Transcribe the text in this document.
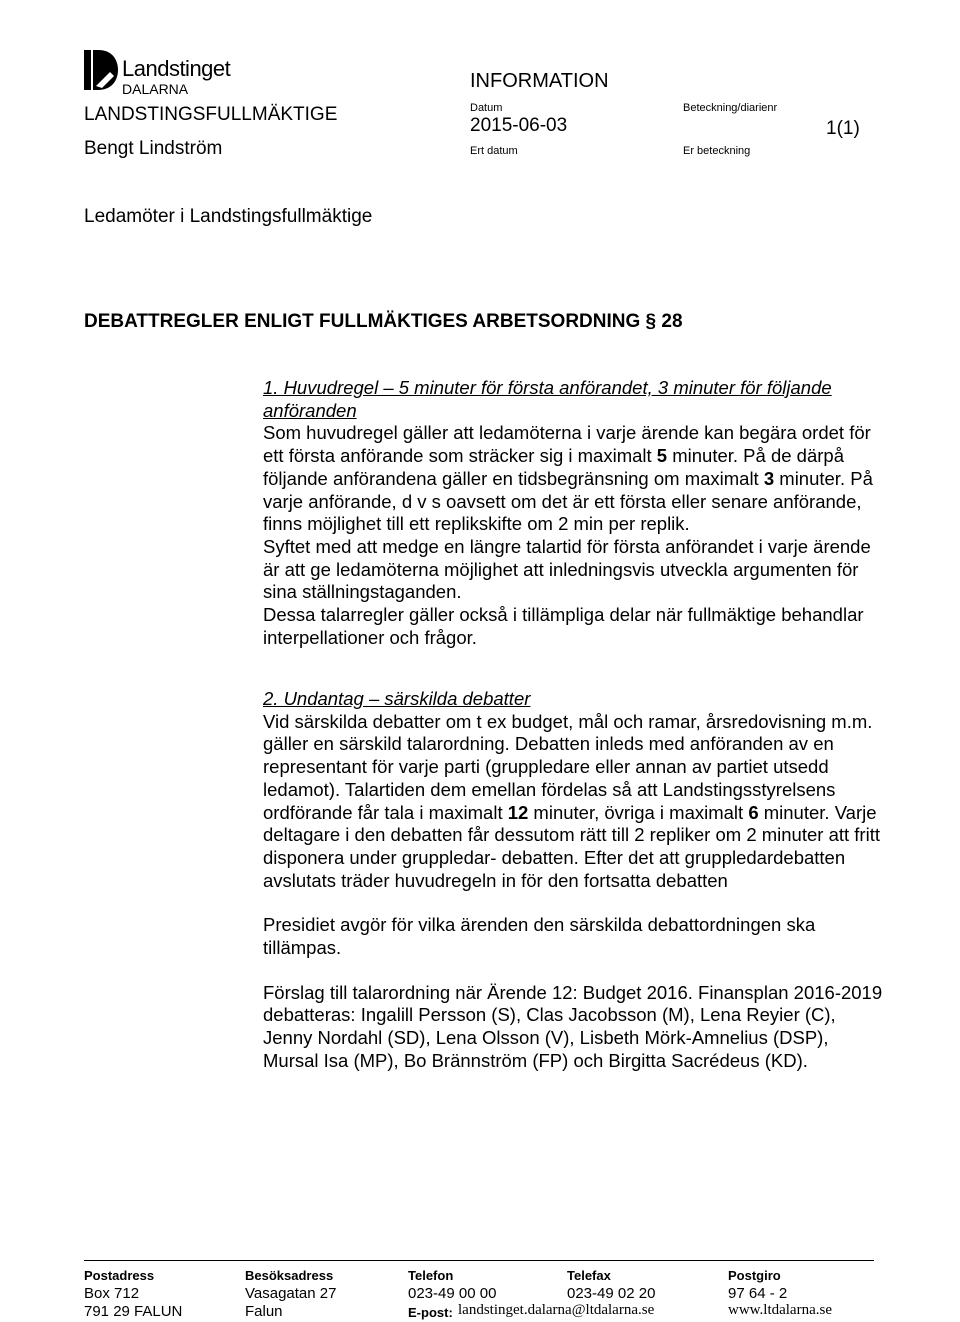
Landstinget
DALARNA
LANDSTINGSFULLMÄKTIGE
Bengt Lindström
INFORMATION
Datum
2015-06-03
Ert datum
Beteckning/diarienr
Er beteckning
1(1)
Ledamöter i Landstingsfullmäktige
DEBATTREGLER ENLIGT FULLMÄKTIGES ARBETSORDNING § 28

1. Huvudregel – 5 minuter för första anförandet, 3 minuter för följande anföranden

Som huvudregel gäller att ledamöterna i varje ärende kan begära ordet för ett första anförande som sträcker sig i maximalt 5 minuter. På de därpå följande anförandena gäller en tidsbegränsning om maximalt 3 minuter. På varje anförande, d v s oavsett om det är ett första eller senare anförande, finns möjlighet till ett replikskifte om 2 min per replik.

Syftet med att medge en längre talartid för första anförandet i varje ärende är att ge ledamöterna möjlighet att inledningsvis utveckla argumenten för sina ställningstaganden.

Dessa talarregler gäller också i tillämpliga delar när fullmäktige behandlar interpellationer och frågor.

2. Undantag – särskilda debatter

Vid särskilda debatter om t ex budget, mål och ramar, årsredovisning m.m. gäller en särskild talarordning. Debatten inleds med anföranden av en representant för varje parti (gruppledare eller annan av partiet utsedd ledamot). Talartiden dem emellan fördelas så att Landstingsstyrelsens ordförande får tala i maximalt 12 minuter, övriga i maximalt 6 minuter. Varje deltagare i den debatten får dessutom rätt till 2 repliker om 2 minuter att fritt disponera under gruppledar- debatten. Efter det att gruppledardebatten avslutats träder huvudregeln in för den fortsatta debatten

Presidiet avgör för vilka ärenden den särskilda debattordningen ska tillämpas.

Förslag till talarordning när Ärende 12: Budget 2016. Finansplan 2016-2019 debatteras: Ingalill Persson (S), Clas Jacobsson (M), Lena Reyier (C), Jenny Nordahl (SD), Lena Olsson (V), Lisbeth Mörk-Amnelius (DSP), Mursal Isa (MP), Bo Brännström (FP) och Birgitta Sacrédeus (KD).

Postadress
Box 712
791 29 FALUN
Besöksadress
Vasagatan 27
Falun
Telefon
023-49 00 00
E-post: landstinget.dalarna@ltdalarna.se
Telefax
023-49 02 20
Postgiro
97 64 - 2
www.ltdalarna.se
